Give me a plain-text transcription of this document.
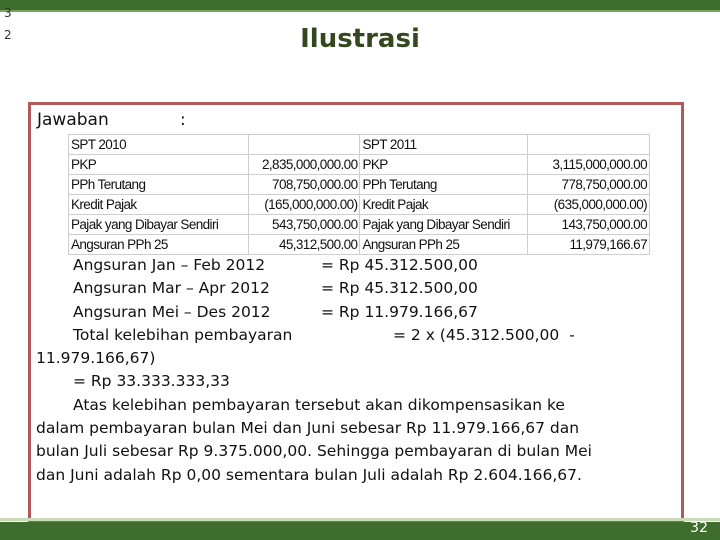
3
2	Ilustrasi
Jawaban	:
SPT 2010		SPT 2011	
PKP	2,835,000,000.00	PKP	3,115,000,000.00
PPh Terutang	708,750,000.00	PPh Terutang	778,750,000.00
Kredit Pajak	(165,000,000.00)	Kredit Pajak	(635,000,000.00)
Pajak yang Dibayar Sendiri	543,750,000.00	Pajak yang Dibayar Sendiri	143,750,000.00
Angsuran PPh 25	45,312,500.00	Angsuran PPh 25	11,979,166.67
Angsuran Jan – Feb 2012	= Rp 45.312.500,00
Angsuran Mar – Apr 2012	= Rp 45.312.500,00
Angsuran Mei – Des 2012	= Rp 11.979.166,67
Total kelebihan pembayaran	= 2 x (45.312.500,00  -
11.979.166,67)
= Rp 33.333.333,33
Atas kelebihan pembayaran tersebut akan dikompensasikan ke
dalam pembayaran bulan Mei dan Juni sebesar Rp 11.979.166,67 dan
bulan Juli sebesar Rp 9.375.000,00. Sehingga pembayaran di bulan Mei
dan Juni adalah Rp 0,00 sementara bulan Juli adalah Rp 2.604.166,67.
32
